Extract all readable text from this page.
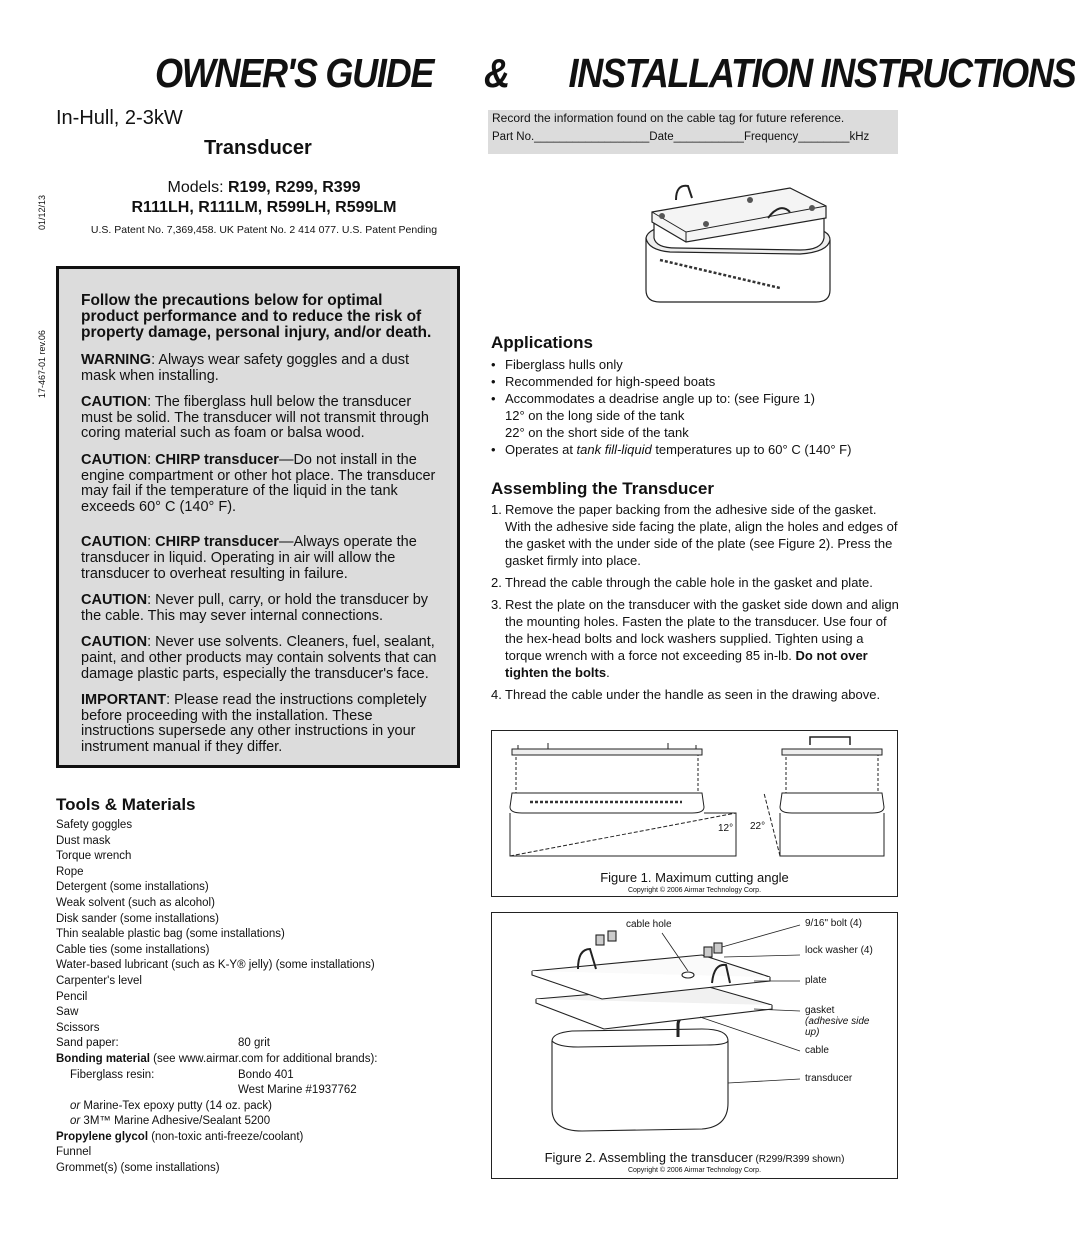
OWNER'S GUIDE & INSTALLATION INSTRUCTIONS
In-Hull, 2-3kW
Transducer
Models: R199, R299, R399
R111LH, R111LM, R599LH, R599LM
U.S. Patent No. 7,369,458. UK Patent No. 2 414 077. U.S. Patent Pending
01/12/13
17-467-01 rev.06
Follow the precautions below for optimal product performance and to reduce the risk of property damage, personal injury, and/or death.

WARNING: Always wear safety goggles and a dust mask when installing.

CAUTION: The fiberglass hull below the transducer must be solid. The transducer will not transmit through coring material such as foam or balsa wood.

CAUTION: CHIRP transducer—Do not install in the engine compartment or other hot place. The transducer may fail if the temperature of the liquid in the tank exceeds 60° C (140° F).

CAUTION: CHIRP transducer—Always operate the transducer in liquid. Operating in air will allow the transducer to overheat resulting in failure.

CAUTION: Never pull, carry, or hold the transducer by the cable. This may sever internal connections.

CAUTION: Never use solvents. Cleaners, fuel, sealant, paint, and other products may contain solvents that can damage plastic parts, especially the transducer's face.

IMPORTANT: Please read the instructions completely before proceeding with the installation. These instructions supersede any other instructions in your instrument manual if they differ.

Tools & Materials
Safety goggles
Dust mask
Torque wrench
Rope
Detergent (some installations)
Weak solvent (such as alcohol)
Disk sander (some installations)
Thin sealable plastic bag (some installations)
Cable ties (some installations)
Water-based lubricant (such as K-Y® jelly) (some installations)
Carpenter's level
Pencil
Saw
Scissors
Sand paper:	80 grit
Bonding material (see www.airmar.com for additional brands):
Fiberglass resin:	Bondo 401
West Marine #1937762
or Marine-Tex epoxy putty (14 oz. pack)
or 3M™ Marine Adhesive/Sealant 5200
Propylene glycol (non-toxic anti-freeze/coolant)
Funnel
Grommet(s) (some installations)
Record the information found on the cable tag for future reference.
Part No.__________________Date___________Frequency________kHz
Applications
• Fiberglass hulls only
• Recommended for high-speed boats
• Accommodates a deadrise angle up to: (see Figure 1)
12° on the long side of the tank
22° on the short side of the tank
• Operates at tank fill-liquid temperatures up to 60° C (140° F)
Assembling the Transducer
1. Remove the paper backing from the adhesive side of the gasket. With the adhesive side facing the plate, align the holes and edges of the gasket with the under side of the plate (see Figure 2). Press the gasket firmly into place.
2. Thread the cable through the cable hole in the gasket and plate.
3. Rest the plate on the transducer with the gasket side down and align the mounting holes. Fasten the plate to the transducer. Use four of the hex-head bolts and lock washers supplied. Tighten using a torque wrench with a force not exceeding 85 in-lb. Do not over tighten the bolts.
4. Thread the cable under the handle as seen in the drawing above.
12° 22°
Figure 1. Maximum cutting angle
Copyright © 2006 Airmar Technology Corp.
cable hole	9/16" bolt (4)
lock washer (4)
plate
gasket
(adhesive side up)
cable
transducer
Figure 2. Assembling the transducer (R299/R399 shown)
Copyright © 2006 Airmar Technology Corp.
